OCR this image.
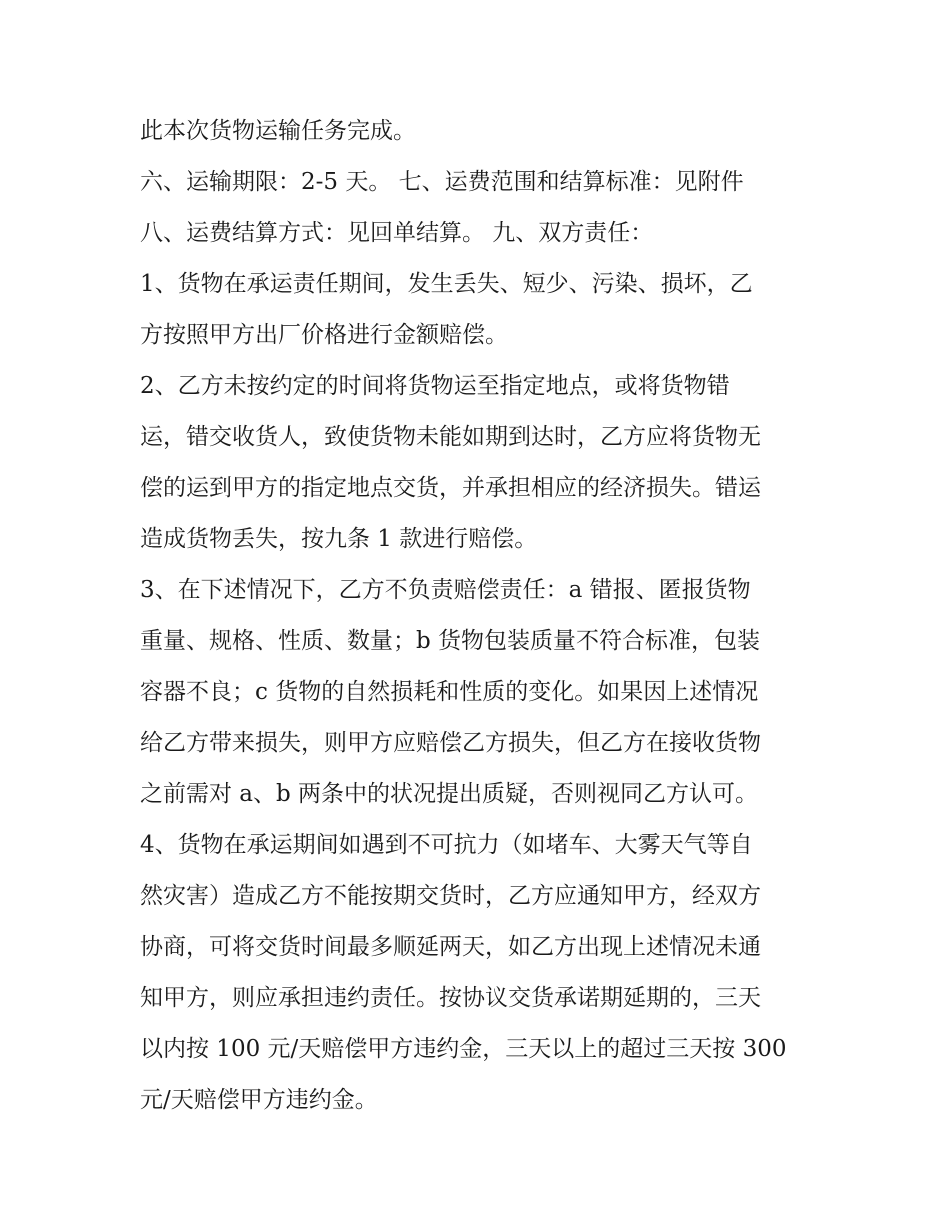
此本次货物运输任务完成。
六、运输期限：2-5 天。 七、运费范围和结算标准：见附件
八、运费结算方式：见回单结算。 九、双方责任：
1、货物在承运责任期间，发生丢失、短少、污染、损坏，乙
方按照甲方出厂价格进行金额赔偿。
2、乙方未按约定的时间将货物运至指定地点，或将货物错
运，错交收货人，致使货物未能如期到达时，乙方应将货物无
偿的运到甲方的指定地点交货，并承担相应的经济损失。错运
造成货物丢失，按九条 1 款进行赔偿。
3、在下述情况下，乙方不负责赔偿责任：a 错报、匿报货物
重量、规格、性质、数量；b 货物包装质量不符合标准，包装
容器不良；c 货物的自然损耗和性质的变化。如果因上述情况
给乙方带来损失，则甲方应赔偿乙方损失，但乙方在接收货物
之前需对 a、b 两条中的状况提出质疑，否则视同乙方认可。
4、货物在承运期间如遇到不可抗力（如堵车、大雾天气等自
然灾害）造成乙方不能按期交货时，乙方应通知甲方，经双方
协商，可将交货时间最多顺延两天，如乙方出现上述情况未通
知甲方，则应承担违约责任。按协议交货承诺期延期的，三天
以内按 100 元/天赔偿甲方违约金，三天以上的超过三天按 300
元/天赔偿甲方违约金。
